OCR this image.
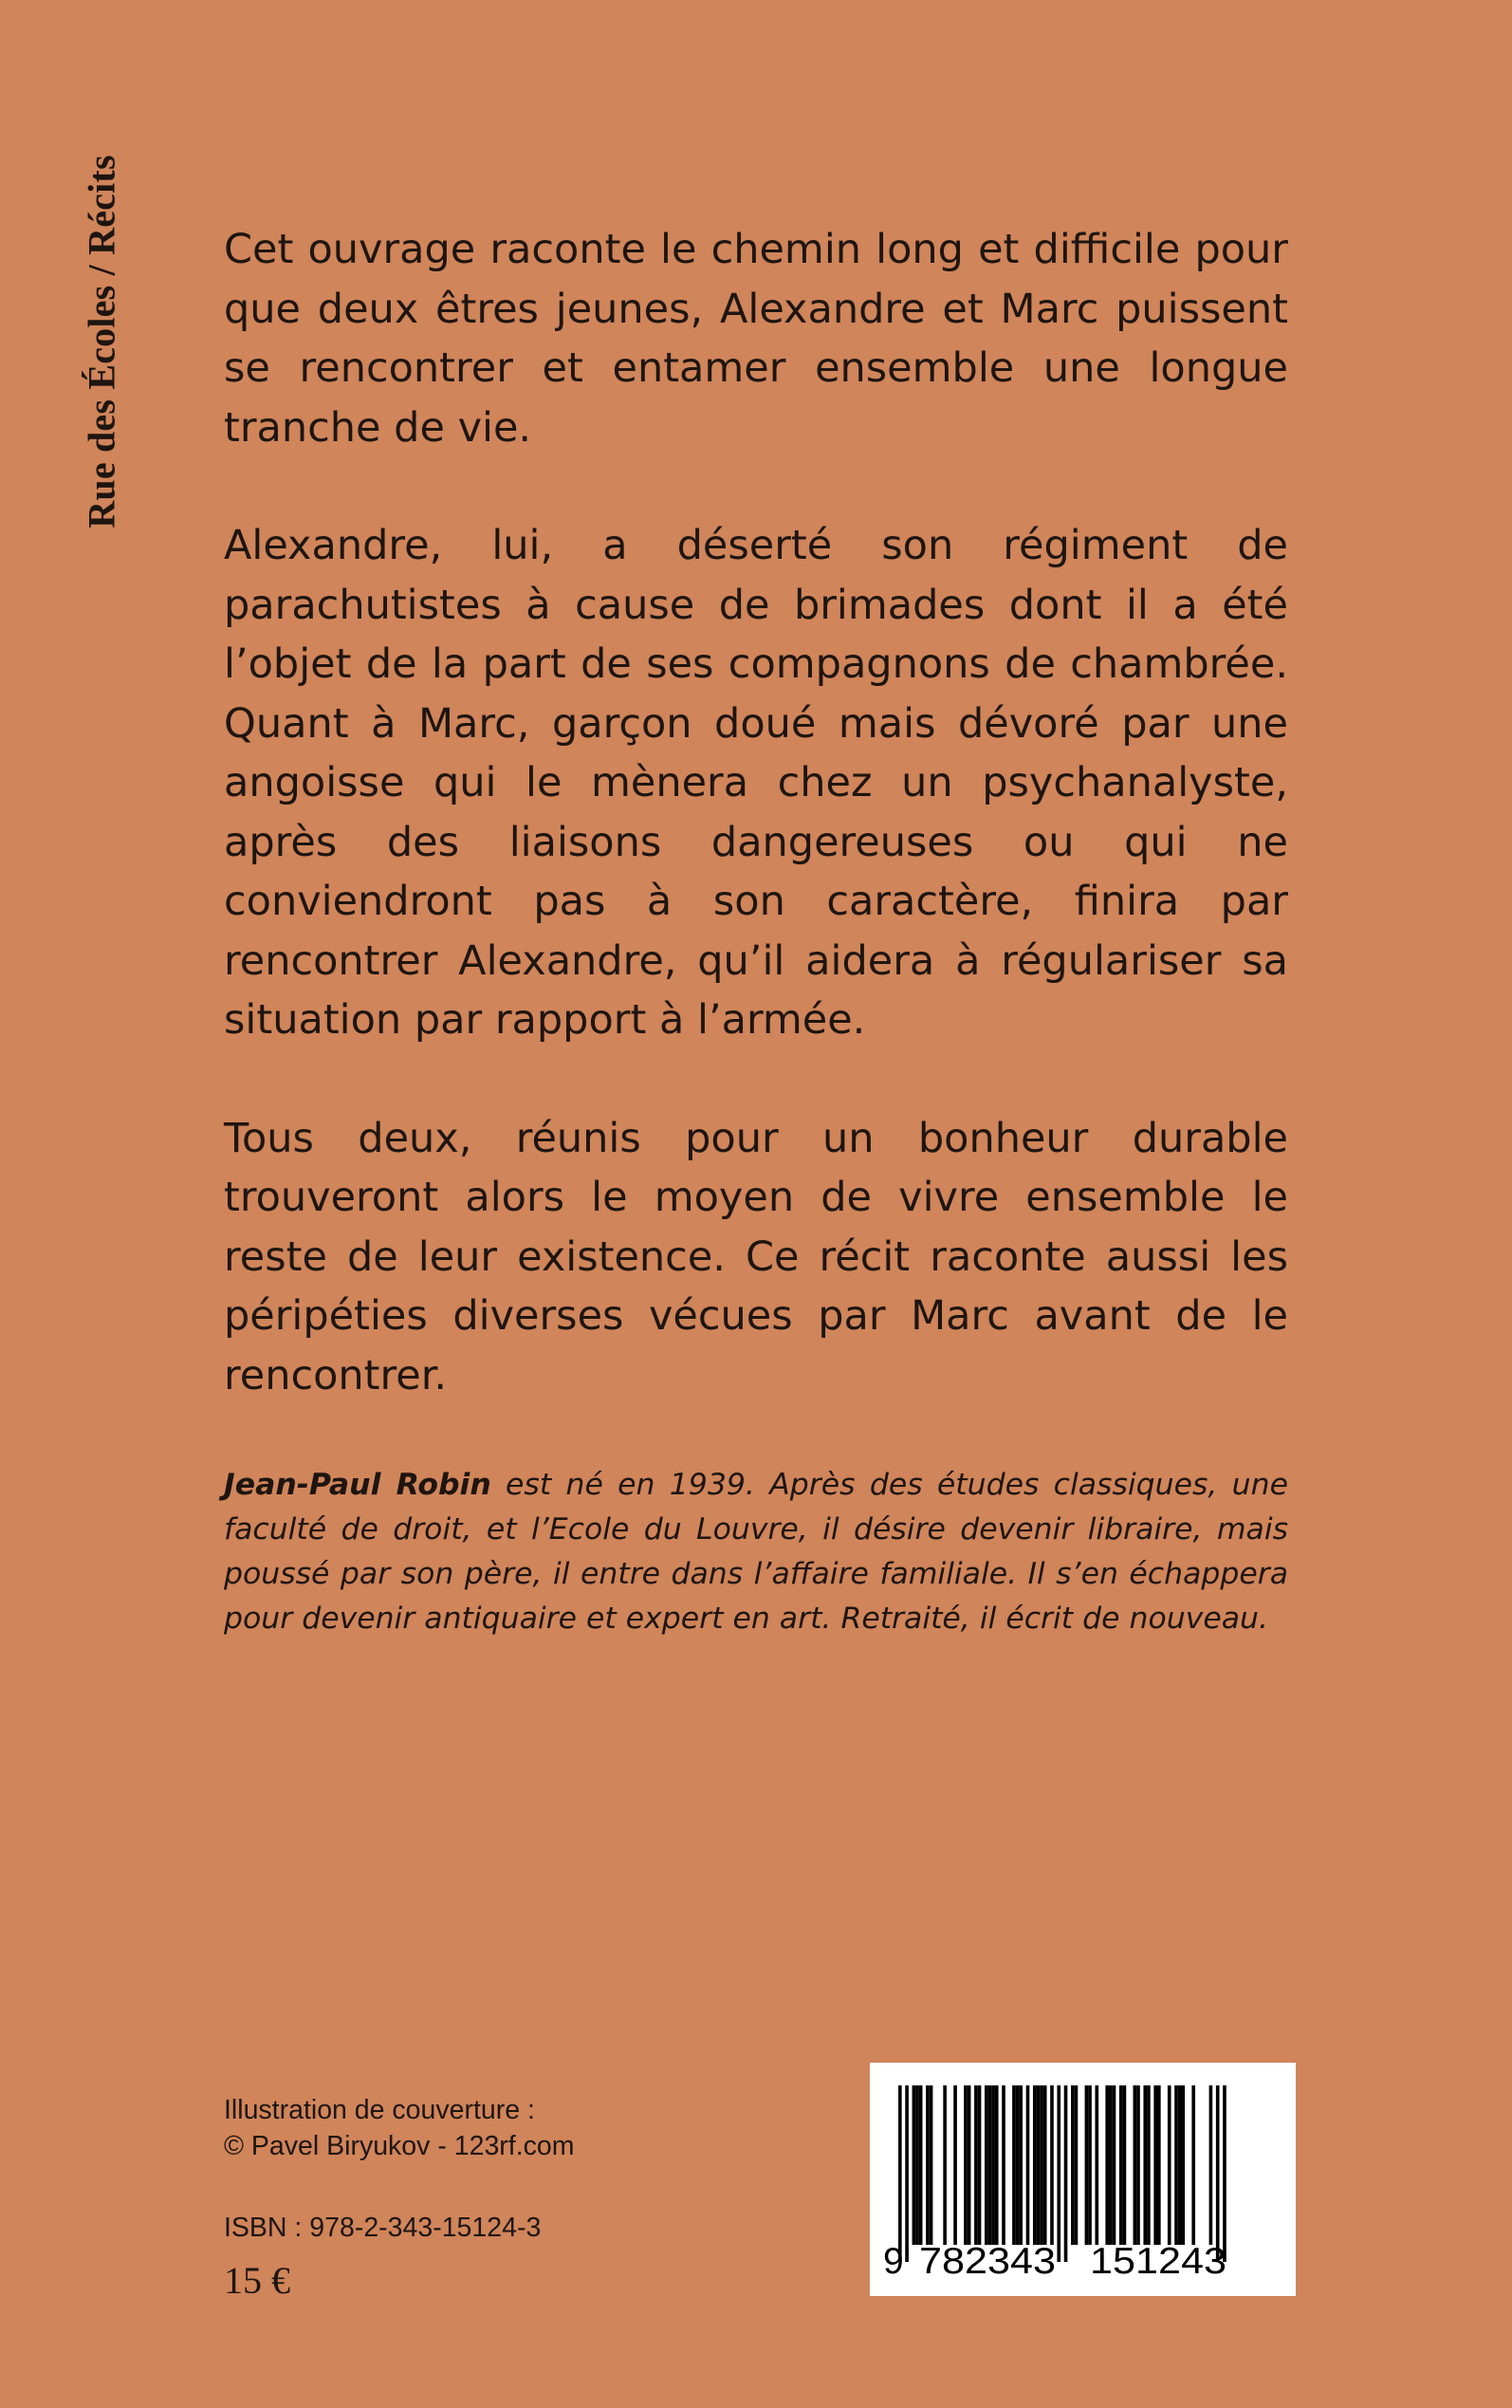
Rue des Écoles / Récits Cet ouvrage raconte le chemin long et difficile pour que deux êtres jeunes, Alexandre et Marc puissent se rencontrer et entamer ensemble une longue tranche de vie.

Alexandre, lui, a déserté son régiment de parachutistes à cause de brimades dont il a été l’objet de la part de ses compagnons de chambrée. Quant à Marc, garçon doué mais dévoré par une angoisse qui le mènera chez un psychanalyste, après des liaisons dangereuses ou qui ne conviendront pas à son caractère, finira par rencontrer Alexandre, qu’il aidera à régulariser sa situation par rapport à l’armée.

Tous deux, réunis pour un bonheur durable trouveront alors le moyen de vivre ensemble le reste de leur existence. Ce récit raconte aussi les péripéties diverses vécues par Marc avant de le rencontrer.

Jean-Paul Robin est né en 1939. Après des études classiques, une faculté de droit, et l’Ecole du Louvre, il désire devenir libraire, mais poussé par son père, il entre dans l’affaire familiale. Il s’en échappera pour devenir antiquaire et expert en art. Retraité, il écrit de nouveau.

Illustration de couverture :
© Pavel Biryukov - 123rf.com
ISBN : 978-2-343-15124-3
15 €	9 782343 151243
